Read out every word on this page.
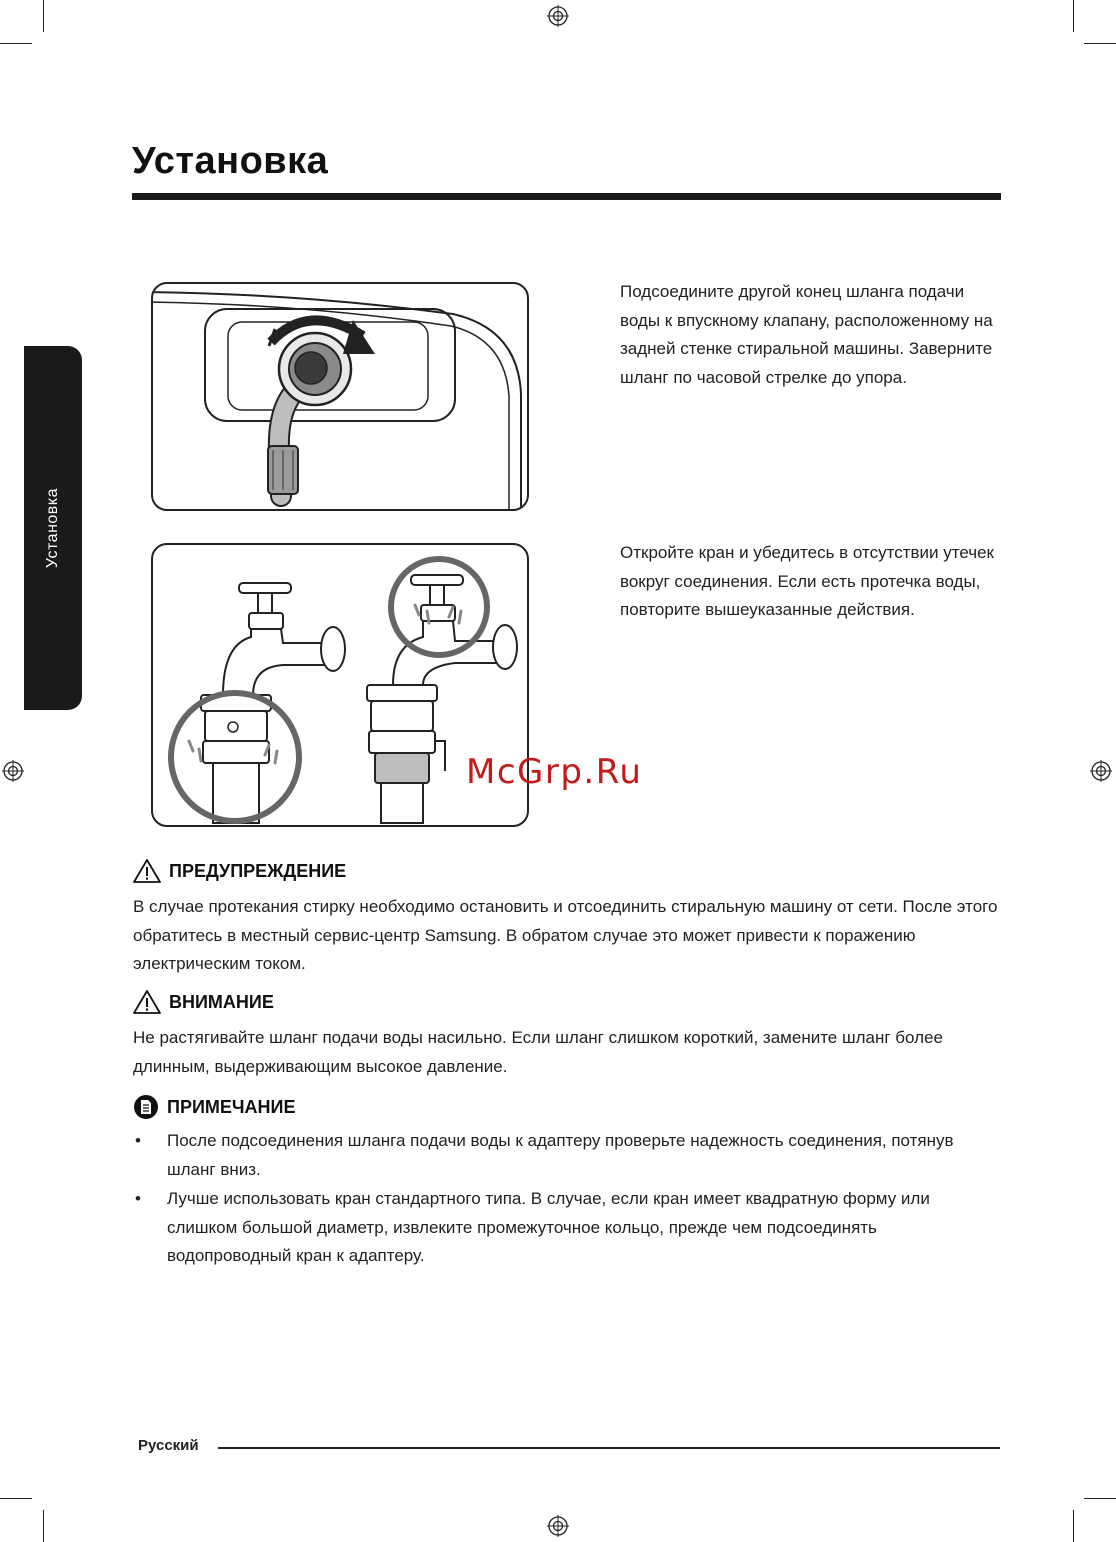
Установка
Установка
Подсоедините другой конец шланга подачи воды к впускному клапану, расположенному на задней стенке стиральной машины. Заверните шланг по часовой стрелке до упора.
Откройте кран и убедитесь в отсутствии утечек вокруг соединения. Если есть протечка воды, повторите вышеуказанные действия.
McGrp.Ru
ПРЕДУПРЕЖДЕНИЕ
В случае протекания стирку необходимо остановить и отсоединить стиральную машину от сети. После этого обратитесь в местный сервис-центр Samsung. В обратом случае это может привести к поражению электрическим током.
ВНИМАНИЕ
Не растягивайте шланг подачи воды насильно. Если шланг слишком короткий, замените шланг более длинным, выдерживающим высокое давление.
ПРИМЕЧАНИЕ
• После подсоединения шланга подачи воды к адаптеру проверьте надежность соединения, потянув шланг вниз.
• Лучше использовать кран стандартного типа. В случае, если кран имеет квадратную форму или слишком большой диаметр, извлеките промежуточное кольцо, прежде чем подсоединять водопроводный кран к адаптеру.
Русский
